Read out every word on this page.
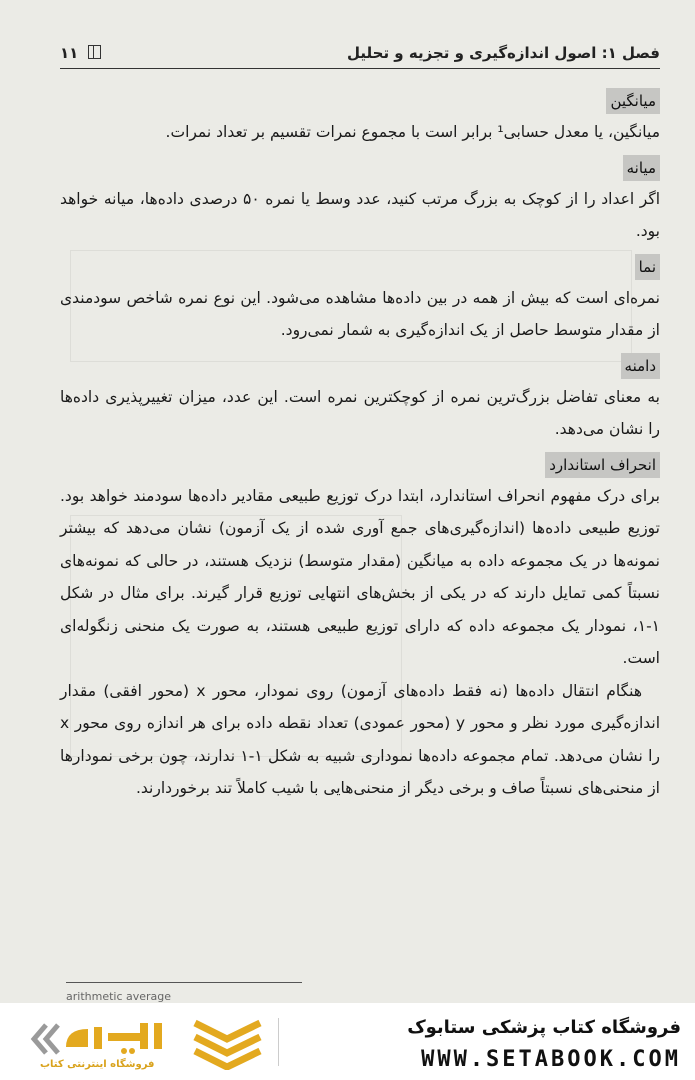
فصل ۱: اصول اندازه‌گیری و تجزیه و تحلیل
۱۱
میانگین

میانگین، یا معدل حسابی¹ برابر است با مجموع نمرات تقسیم بر تعداد نمرات.

میانه

اگر اعداد را از کوچک به بزرگ مرتب کنید، عدد وسط یا نمره ۵۰ درصدی داده‌ها، میانه خواهد بود.

نما

نمره‌ای است که بیش از همه در بین داده‌ها مشاهده می‌شود. این نوع نمره شاخص سودمندی از مقدار متوسط حاصل از یک اندازه‌گیری به شمار نمی‌رود.

دامنه

به معنای تفاضل بزرگ‌ترین نمره از کوچکترین نمره است. این عدد، میزان تغییرپذیری داده‌ها را نشان می‌دهد.

انحراف استاندارد

برای درک مفهوم انحراف استاندارد، ابتدا درک توزیع طبیعی مقادیر داده‌ها سودمند خواهد بود. توزیع طبیعی داده‌ها (اندازه‌گیری‌های جمع آوری شده از یک آزمون) نشان می‌دهد که بیشتر نمونه‌ها در یک مجموعه داده به میانگین (مقدار متوسط) نزدیک هستند، در حالی که نمونه‌های نسبتاً کمی تمایل دارند که در یکی از بخش‌های انتهایی توزیع قرار گیرند. برای مثال در شکل ۱-۱، نمودار یک مجموعه داده که دارای توزیع طبیعی هستند، به صورت یک منحنی زنگوله‌ای است.

هنگام انتقال داده‌ها (نه فقط داده‌های آزمون) روی نمودار، محور x (محور افقی) مقدار اندازه‌گیری مورد نظر و محور y (محور عمودی) تعداد نقطه داده برای هر اندازه روی محور x را نشان می‌دهد. تمام مجموعه داده‌ها نموداری شبیه به شکل ۱-۱ ندارند، چون برخی نمودارها از منحنی‌های نسبتاً صاف و برخی دیگر از منحنی‌هایی با شیب کاملاً تند برخوردارند.

arithmetic average
فروشگاه کتاب پزشکی ستابوک
WWW.SETABOOK.COM
فروشگاه اینترنتی کتاب
